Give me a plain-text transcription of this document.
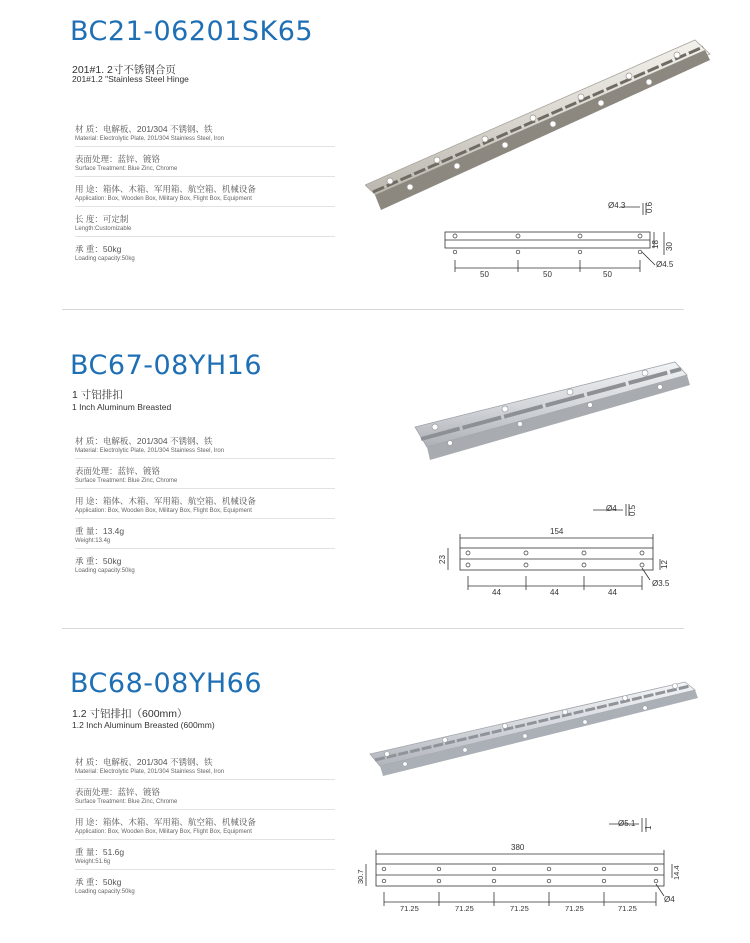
BC21-06201SK65
201#1. 2寸不锈钢合页
201#1.2 "Stainless Steel Hinge
材 质：电解板、201/304 不锈钢、铁
Material: Electrolytic Plate, 201/304 Stainless Steel, Iron
表面处理：蓝锌、镀铬
Surface Treatment: Blue Zinc, Chrome
用 途：箱体、木箱、军用箱、航空箱、机械设备
Application: Box, Wooden Box, Military Box, Flight Box, Equipment
长 度：可定制
Length:Customizable
承 重：50kg
Loading capacity:50kg
Ø4.3 0.6
18 30
Ø4.5
50	50	50
BC67-08YH16
1 寸铝排扣
1 Inch Aluminum Breasted
材 质：电解板、201/304 不锈钢、铁
Material: Electrolytic Plate, 201/304 Stainless Steel, Iron
表面处理：蓝锌、镀铬
Surface Treatment: Blue Zinc, Chrome
用 途：箱体、木箱、军用箱、航空箱、机械设备
Application: Box, Wooden Box, Military Box, Flight Box, Equipment
重 量：13.4g
Weight:13.4g
承 重：50kg
Loading capacity:50kg
154
Ø4 0.5
23
12
Ø3.5
44	44	44
BC68-08YH66
1.2 寸铝排扣（600mm）
1.2 Inch Aluminum Breasted (600mm)
材 质：电解板、201/304 不锈钢、铁
Material: Electrolytic Plate, 201/304 Stainless Steel, Iron
表面处理：蓝锌、镀铬
Surface Treatment: Blue Zinc, Chrome
用 途：箱体、木箱、军用箱、航空箱、机械设备
Application: Box, Wooden Box, Military Box, Flight Box, Equipment
重 量：51.6g
Weight:51.6g
承 重：50kg
Loading capacity:50kg
380
Ø5.1 1
30.7	14.4
Ø4
71.25	71.25	71.25	71.25	71.25
